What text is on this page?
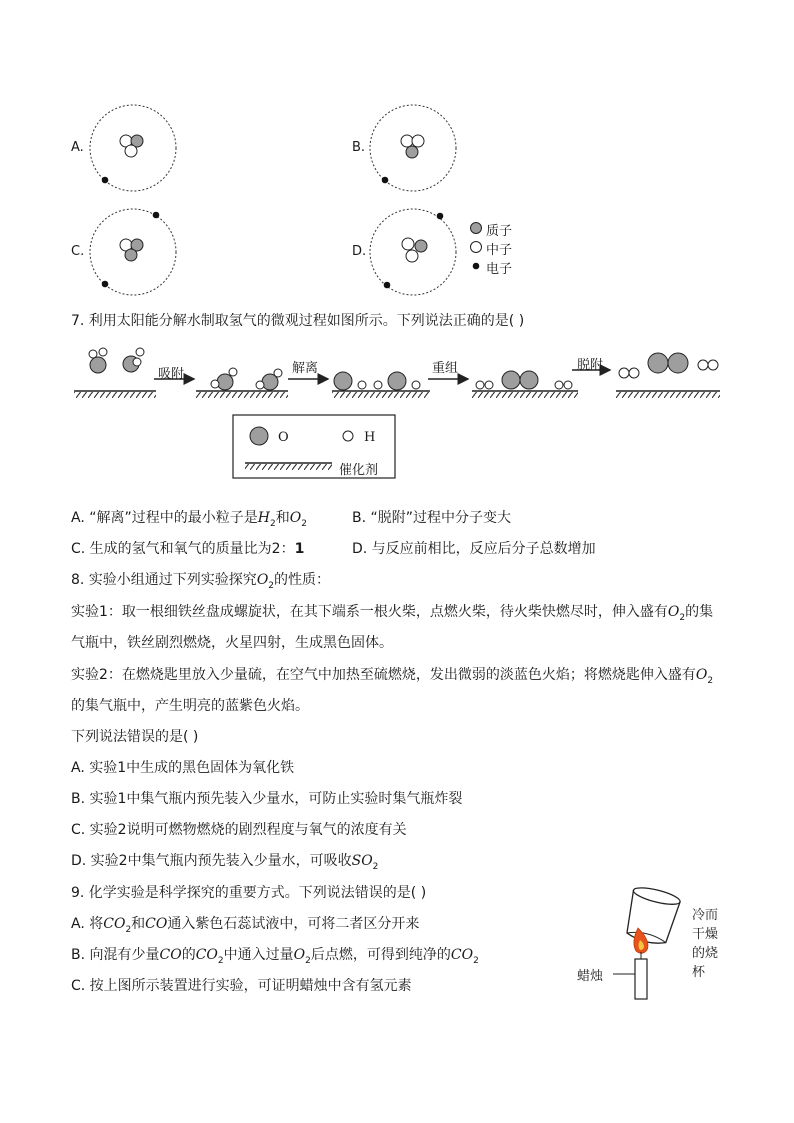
A.	B.
C.	D.
质子
中子
电子
7. 利用太阳能分解水制取氢气的微观过程如图所示。下列说法正确的是( )
吸附	解离	重组	脱附
O	H
催化剂
A. “解离”过程中的最小粒子是$H_2$和$O_2$	B. “脱附”过程中分子变大
C. 生成的氢气和氧气的质量比为2：1	D. 与反应前相比，反应后分子总数增加
8. 实验小组通过下列实验探究$O_2$的性质：
实验1：取一根细铁丝盘成螺旋状，在其下端系一根火柴，点燃火柴，待火柴快燃尽时，伸入盛有$O_2$的集
气瓶中，铁丝剧烈燃烧，火星四射，生成黑色固体。
实验2：在燃烧匙里放入少量硫，在空气中加热至硫燃烧，发出微弱的淡蓝色火焰；将燃烧匙伸入盛有$O_2$
的集气瓶中，产生明亮的蓝紫色火焰。
下列说法错误的是( )
A. 实验1中生成的黑色固体为氧化铁
B. 实验1中集气瓶内预先装入少量水，可防止实验时集气瓶炸裂
C. 实验2说明可燃物燃烧的剧烈程度与氧气的浓度有关
D. 实验2中集气瓶内预先装入少量水，可吸收$SO_2$
9. 化学实验是科学探究的重要方式。下列说法错误的是( )
A. 将$CO_2$和CO通入紫色石蕊试液中，可将二者区分开来
B. 向混有少量CO的$CO_2$中通入过量$O_2$后点燃，可得到纯净的$CO_2$
C. 按上图所示装置进行实验，可证明蜡烛中含有氢元素
蜡烛
冷而
干燥
的烧
杯
